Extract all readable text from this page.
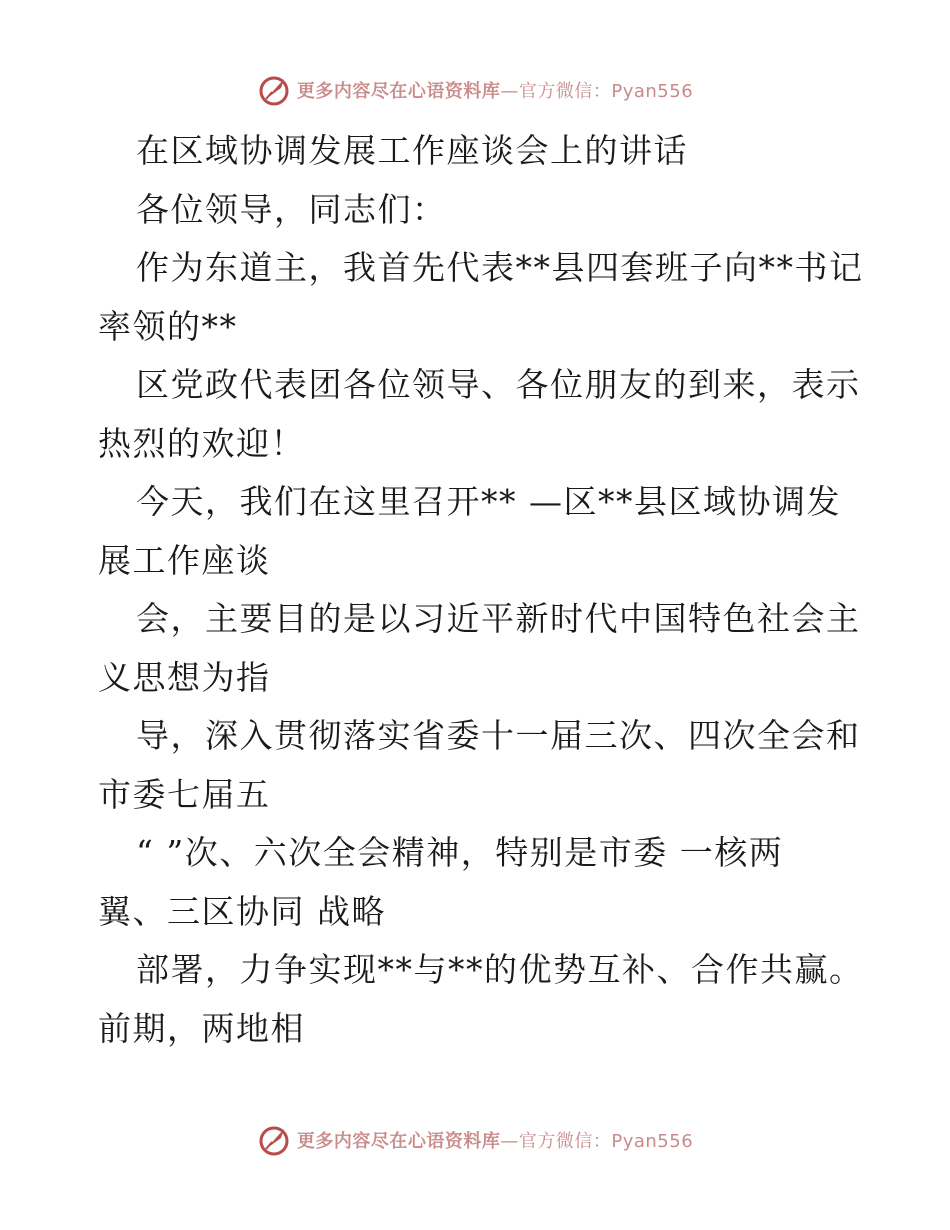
更多内容尽在心语资料库—官方微信：Pyan556
在区域协调发展工作座谈会上的讲话
各位领导，同志们：
作为东道主，我首先代表**县四套班子向**书记
率领的**
区党政代表团各位领导、各位朋友的到来，表示
热烈的欢迎！
今天，我们在这里召开** —区**县区域协调发
展工作座谈
会，主要目的是以习近平新时代中国特色社会主
义思想为指
导，深入贯彻落实省委十一届三次、四次全会和
市委七届五
“ ”次、六次全会精神，特别是市委 一核两
翼、三区协同 战略
部署，力争实现**与**的优势互补、合作共赢。
前期，两地相
更多内容尽在心语资料库—官方微信：Pyan556
